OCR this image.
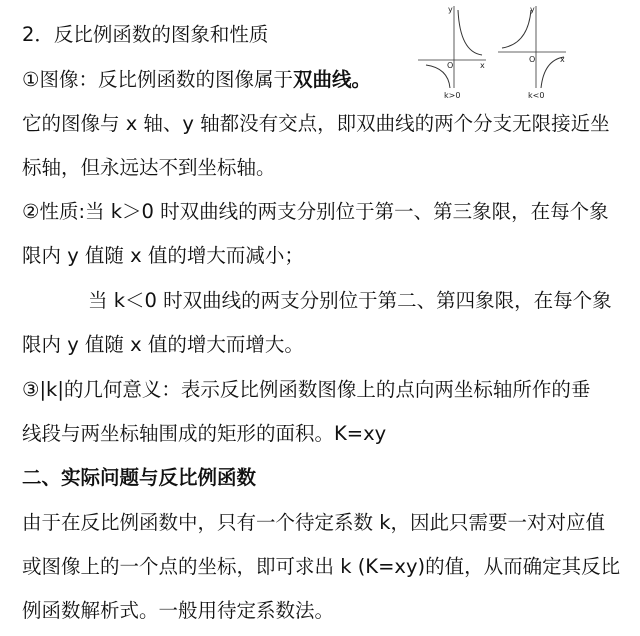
y
x
O
k>0
y
x
O
k<0
2．反比例函数的图象和性质
①图像：反比例函数的图像属于双曲线。
它的图像与 x 轴、y 轴都没有交点，即双曲线的两个分支无限接近坐
标轴，但永远达不到坐标轴。
②性质:当 k＞0 时双曲线的两支分别位于第一、第三象限，在每个象
限内 y 值随 x 值的增大而减小；
当 k＜0 时双曲线的两支分别位于第二、第四象限，在每个象
限内 y 值随 x 值的增大而增大。
③|k|的几何意义：表示反比例函数图像上的点向两坐标轴所作的垂
线段与两坐标轴围成的矩形的面积。K=xy
二、实际问题与反比例函数
由于在反比例函数中，只有一个待定系数 k，因此只需要一对对应值
或图像上的一个点的坐标，即可求出 k (K=xy)的值，从而确定其反比
例函数解析式。一般用待定系数法。
